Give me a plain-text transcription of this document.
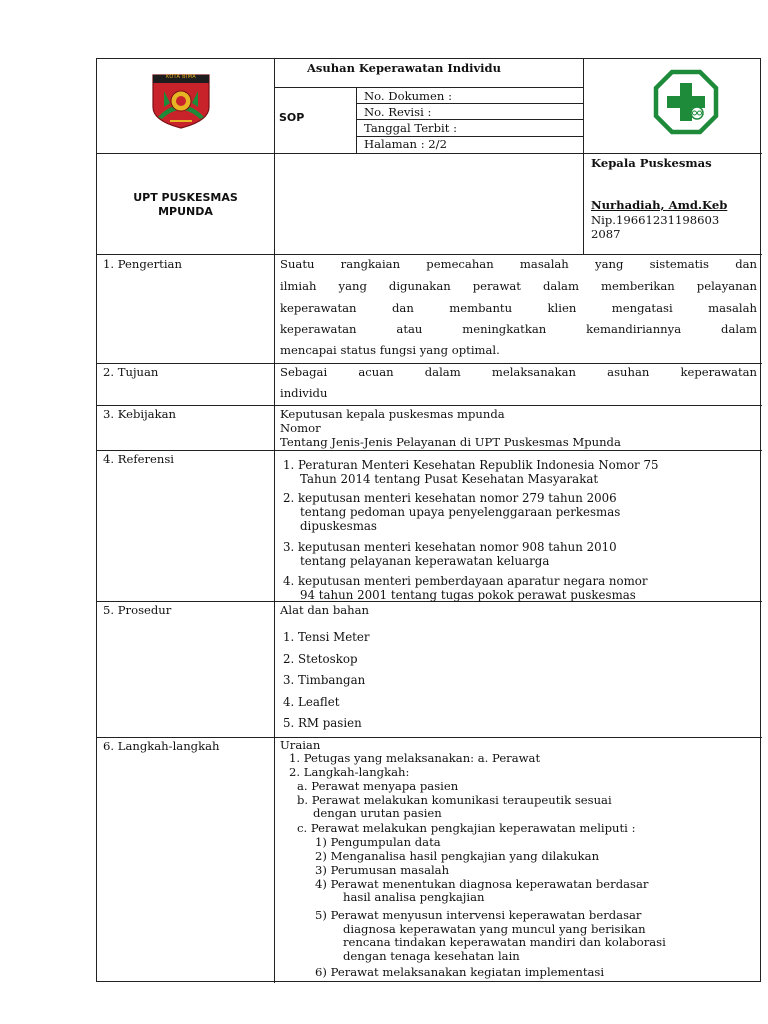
KOTA BIMA
Asuhan Keperawatan Individu
SOP
No. Dokumen :
No. Revisi :
Tanggal Terbit :
Halaman : 2/2
UPT PUSKESMAS
MPUNDA
Kepala Puskesmas
Nurhadiah, Amd.Keb
Nip.19661231198603
2087
1. Pengertian	Suatu rangkaian pemecahan masalah yang sistematis dan
ilmiah yang digunakan perawat dalam memberikan pelayanan
keperawatan dan membantu klien mengatasi masalah
keperawatan atau meningkatkan kemandiriannya dalam
mencapai status fungsi yang optimal.
2. Tujuan	Sebagai acuan dalam melaksanakan asuhan keperawatan
individu
3. Kebijakan	Keputusan kepala puskesmas mpunda
Nomor
Tentang Jenis-Jenis Pelayanan di UPT Puskesmas Mpunda
4. Referensi	1. Peraturan Menteri Kesehatan Republik Indonesia Nomor 75
Tahun 2014 tentang Pusat Kesehatan Masyarakat
2. keputusan menteri kesehatan nomor 279 tahun 2006
tentang pedoman upaya penyelenggaraan perkesmas
dipuskesmas
3. keputusan menteri kesehatan nomor 908 tahun 2010
tentang pelayanan keperawatan keluarga
4. keputusan menteri pemberdayaan aparatur negara nomor
94 tahun 2001 tentang tugas pokok perawat puskesmas
5. Prosedur	Alat dan bahan
1. Tensi Meter
2. Stetoskop
3. Timbangan
4. Leaflet
5. RM pasien
6. Langkah-langkah	Uraian
1. Petugas yang melaksanakan: a. Perawat
2. Langkah-langkah:
a. Perawat menyapa pasien
b. Perawat melakukan komunikasi teraupeutik sesuai
dengan urutan pasien
c. Perawat melakukan pengkajian keperawatan meliputi :
1) Pengumpulan data
2) Menganalisa hasil pengkajian yang dilakukan
3) Perumusan masalah
4) Perawat menentukan diagnosa keperawatan berdasar
hasil analisa pengkajian
5) Perawat menyusun intervensi keperawatan berdasar
diagnosa keperawatan yang muncul yang berisikan
rencana tindakan keperawatan mandiri dan kolaborasi
dengan tenaga kesehatan lain
6) Perawat melaksanakan kegiatan implementasi
